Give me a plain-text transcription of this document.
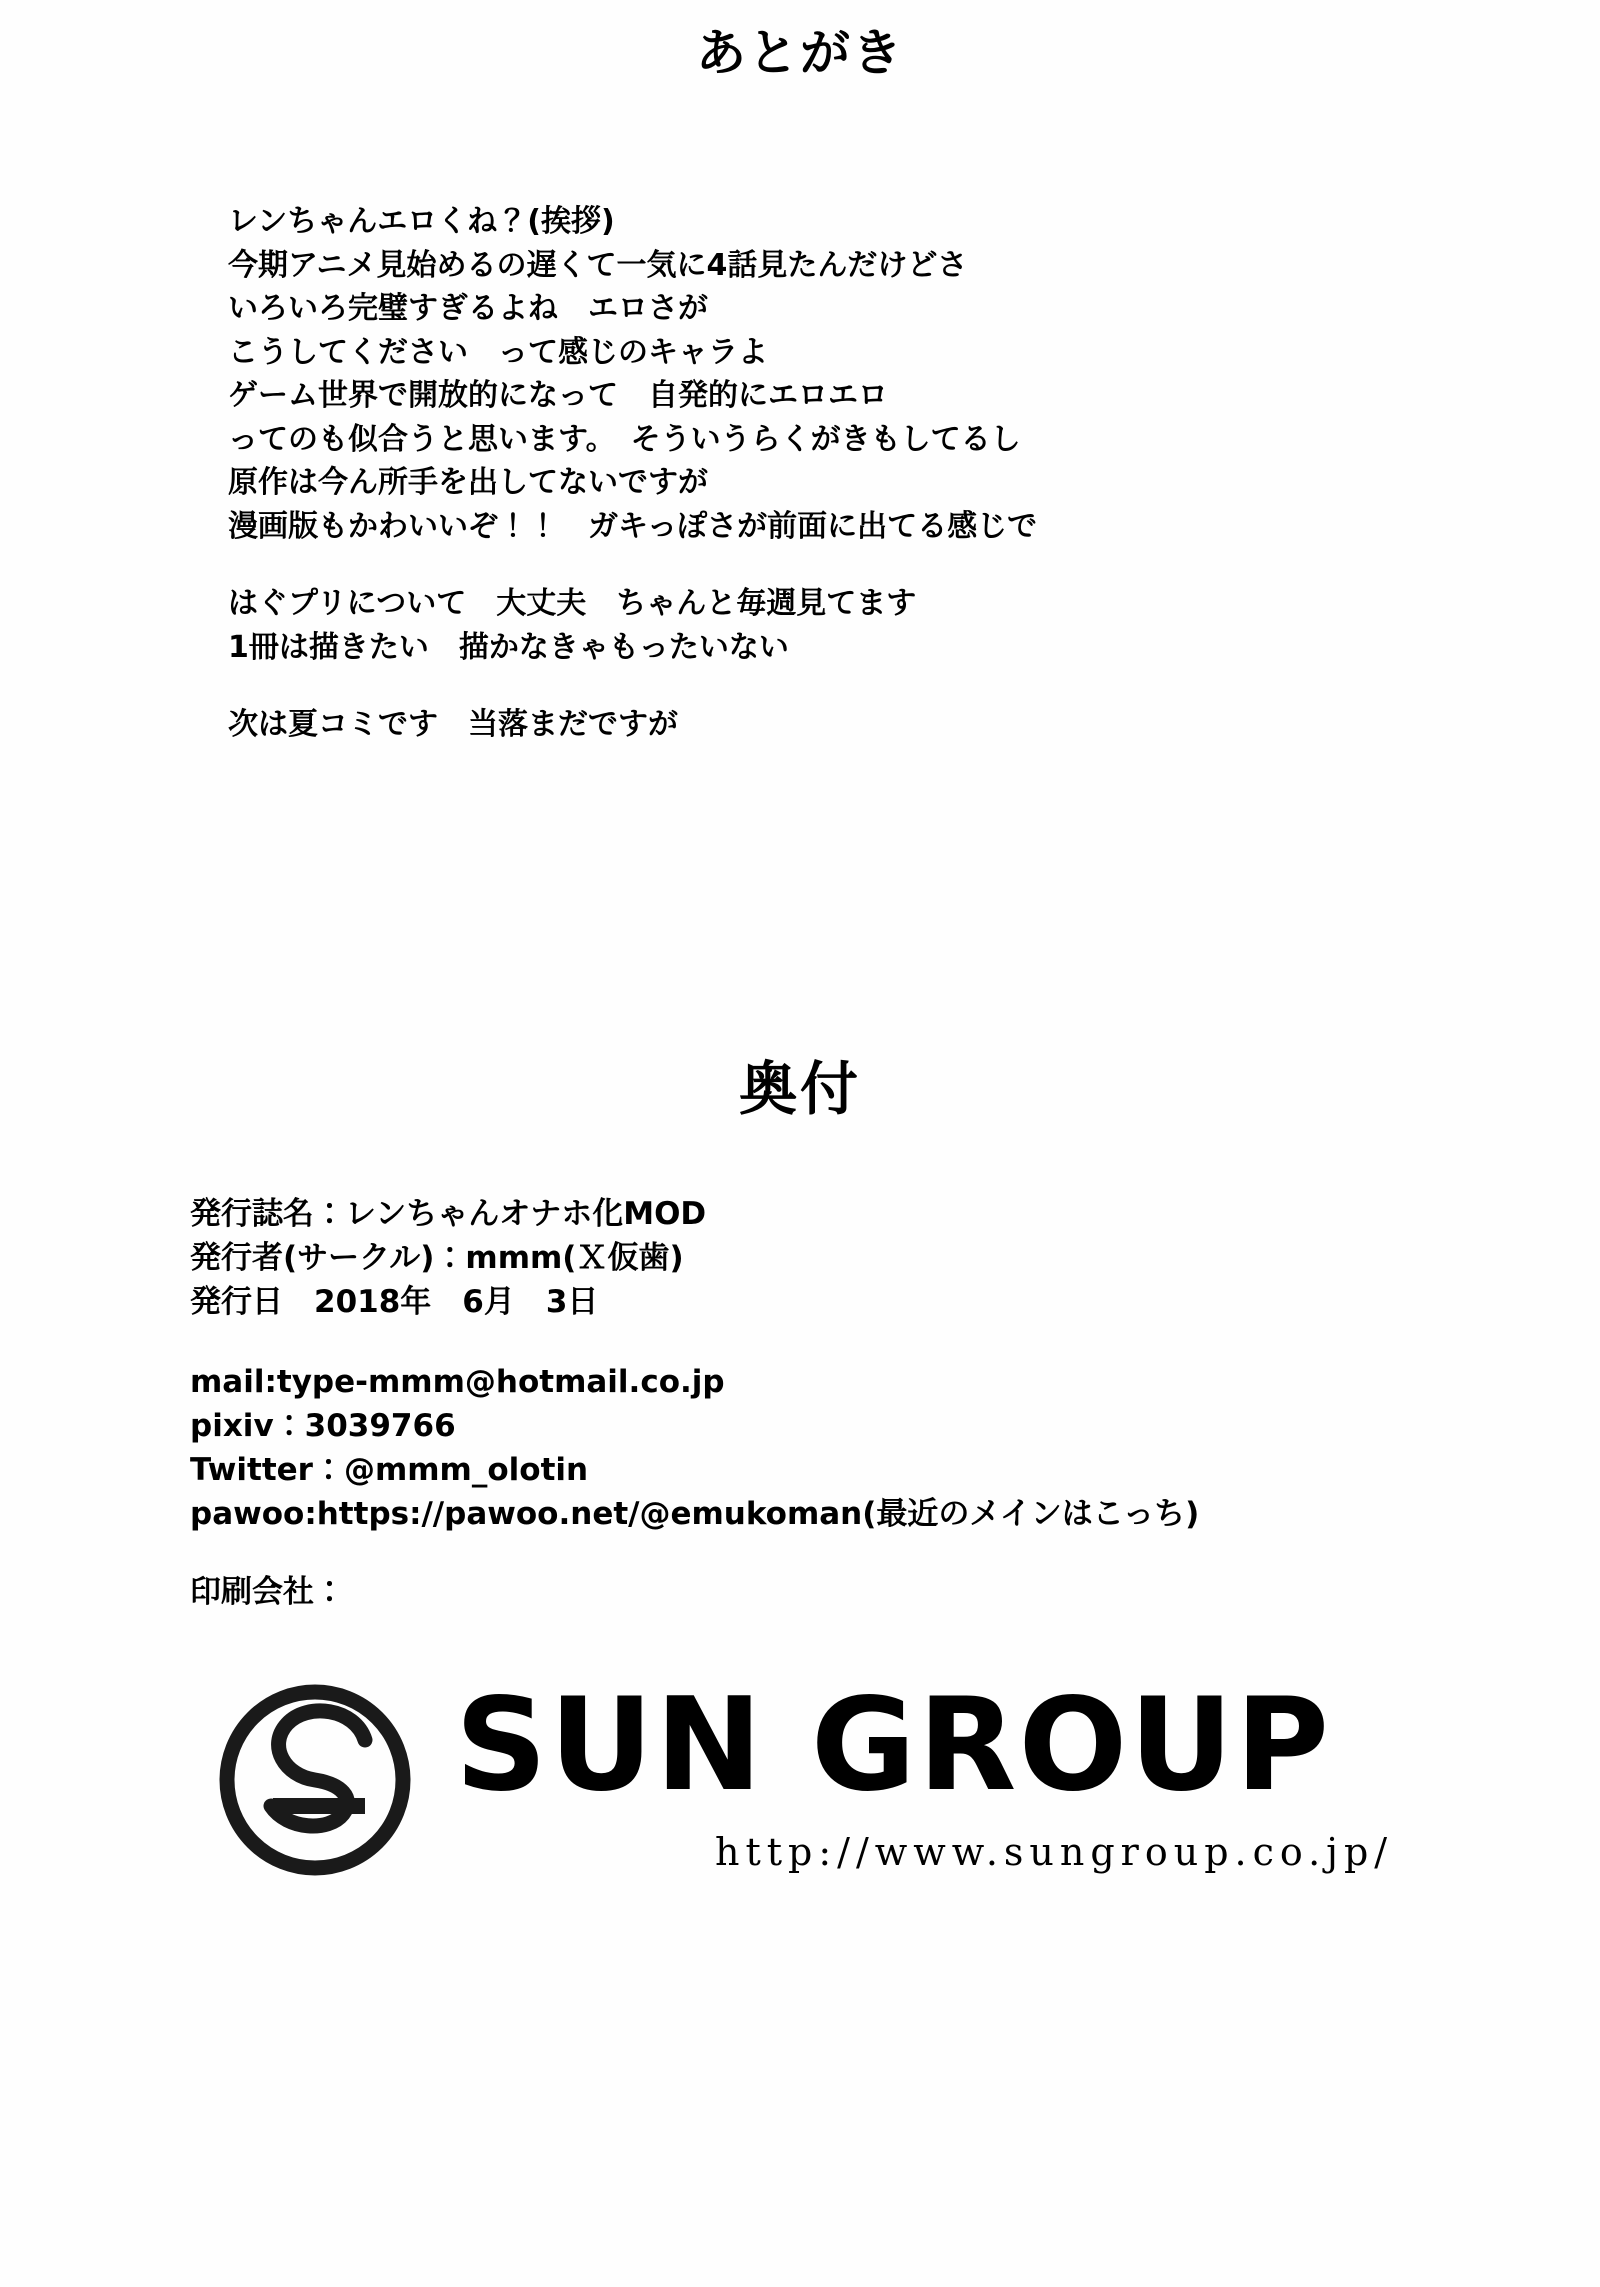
あとがき

レンちゃんエロくね？(挨拶)

今期アニメ見始めるの遅くて一気に4話見たんだけどさ

いろいろ完璧すぎるよね　エロさが

こうしてください　って感じのキャラよ

ゲーム世界で開放的になって　自発的にエロエロ

ってのも似合うと思います。　そういうらくがきもしてるし

原作は今ん所手を出してないですが

漫画版もかわいいぞ！！　ガキっぽさが前面に出てる感じで

はぐプリについて　大丈夫　ちゃんと毎週見てます

1冊は描きたい　描かなきゃもったいない

次は夏コミです　当落まだですが

奥付

発行誌名：レンちゃんオナホ化MOD

発行者(サークル)：mmm(Ｘ仮歯)

発行日　2018年　6月　3日

mail:type-mmm@hotmail.co.jp

pixiv：3039766

Twitter：@mmm_olotin

pawoo:https://pawoo.net/@emukoman(最近のメインはこっち)

印刷会社：
SUN GROUP
http://www.sungroup.co.jp/
